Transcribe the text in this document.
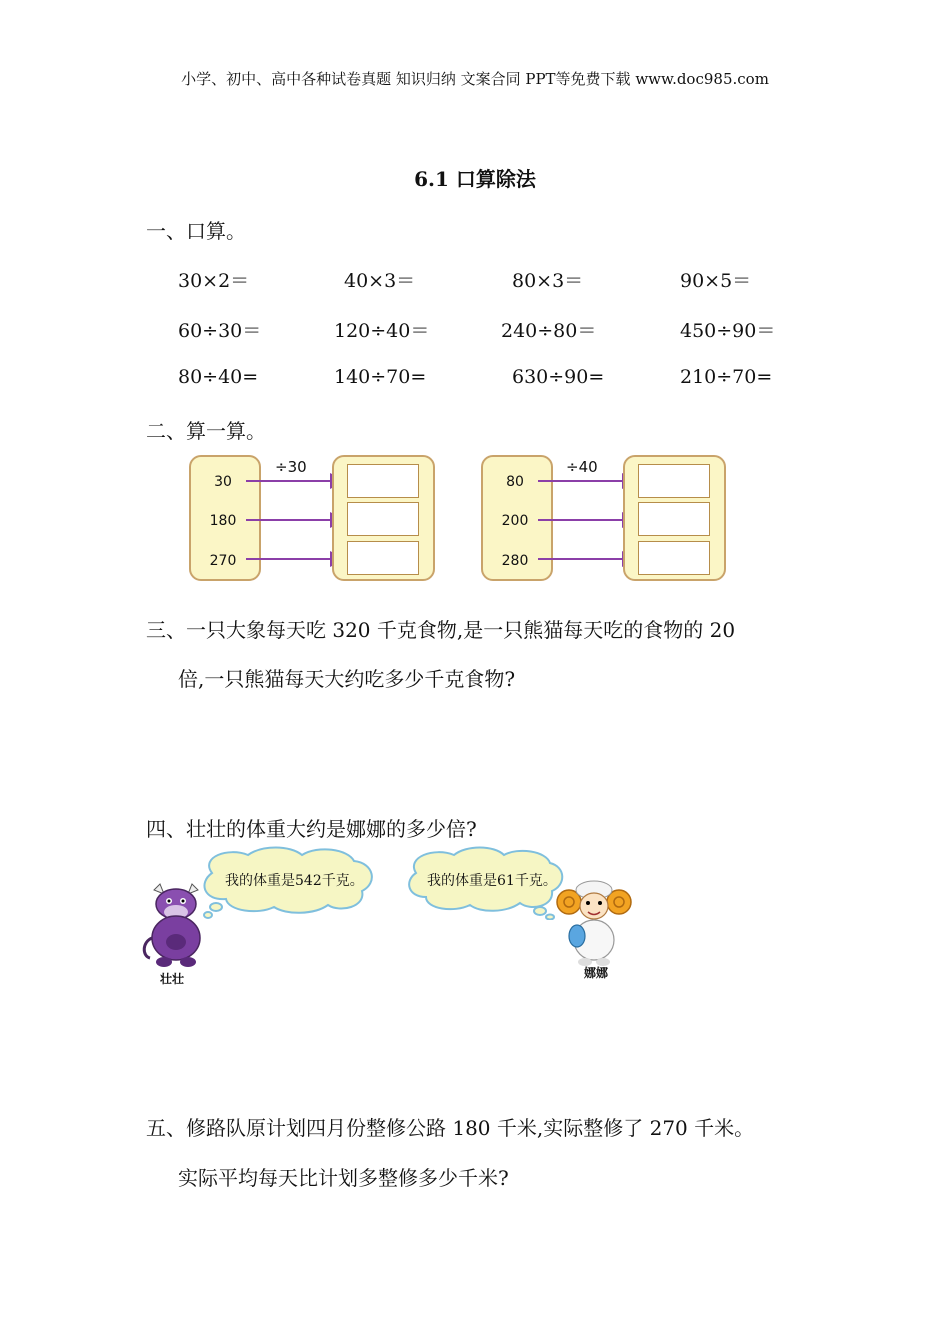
小学、初中、高中各种试卷真题 知识归纳 文案合同 PPT等免费下载 www.doc985.com
6.1 口算除法
一、口算。
30×2＝	40×3＝	80×3＝	90×5＝
60÷30＝	120÷40＝	240÷80＝	450÷90＝
80÷40=	140÷70=	630÷90=	210÷70=
二、算一算。
30
180
270
÷30
80
200
280
÷40
三、一只大象每天吃 320 千克食物,是一只熊猫每天吃的食物的 20
倍,一只熊猫每天大约吃多少千克食物?
四、壮壮的体重大约是娜娜的多少倍?
我的体重是542千克。	我的体重是61千克。
壮壮	娜娜
五、修路队原计划四月份整修公路 180 千米,实际整修了 270 千米。
实际平均每天比计划多整修多少千米?
